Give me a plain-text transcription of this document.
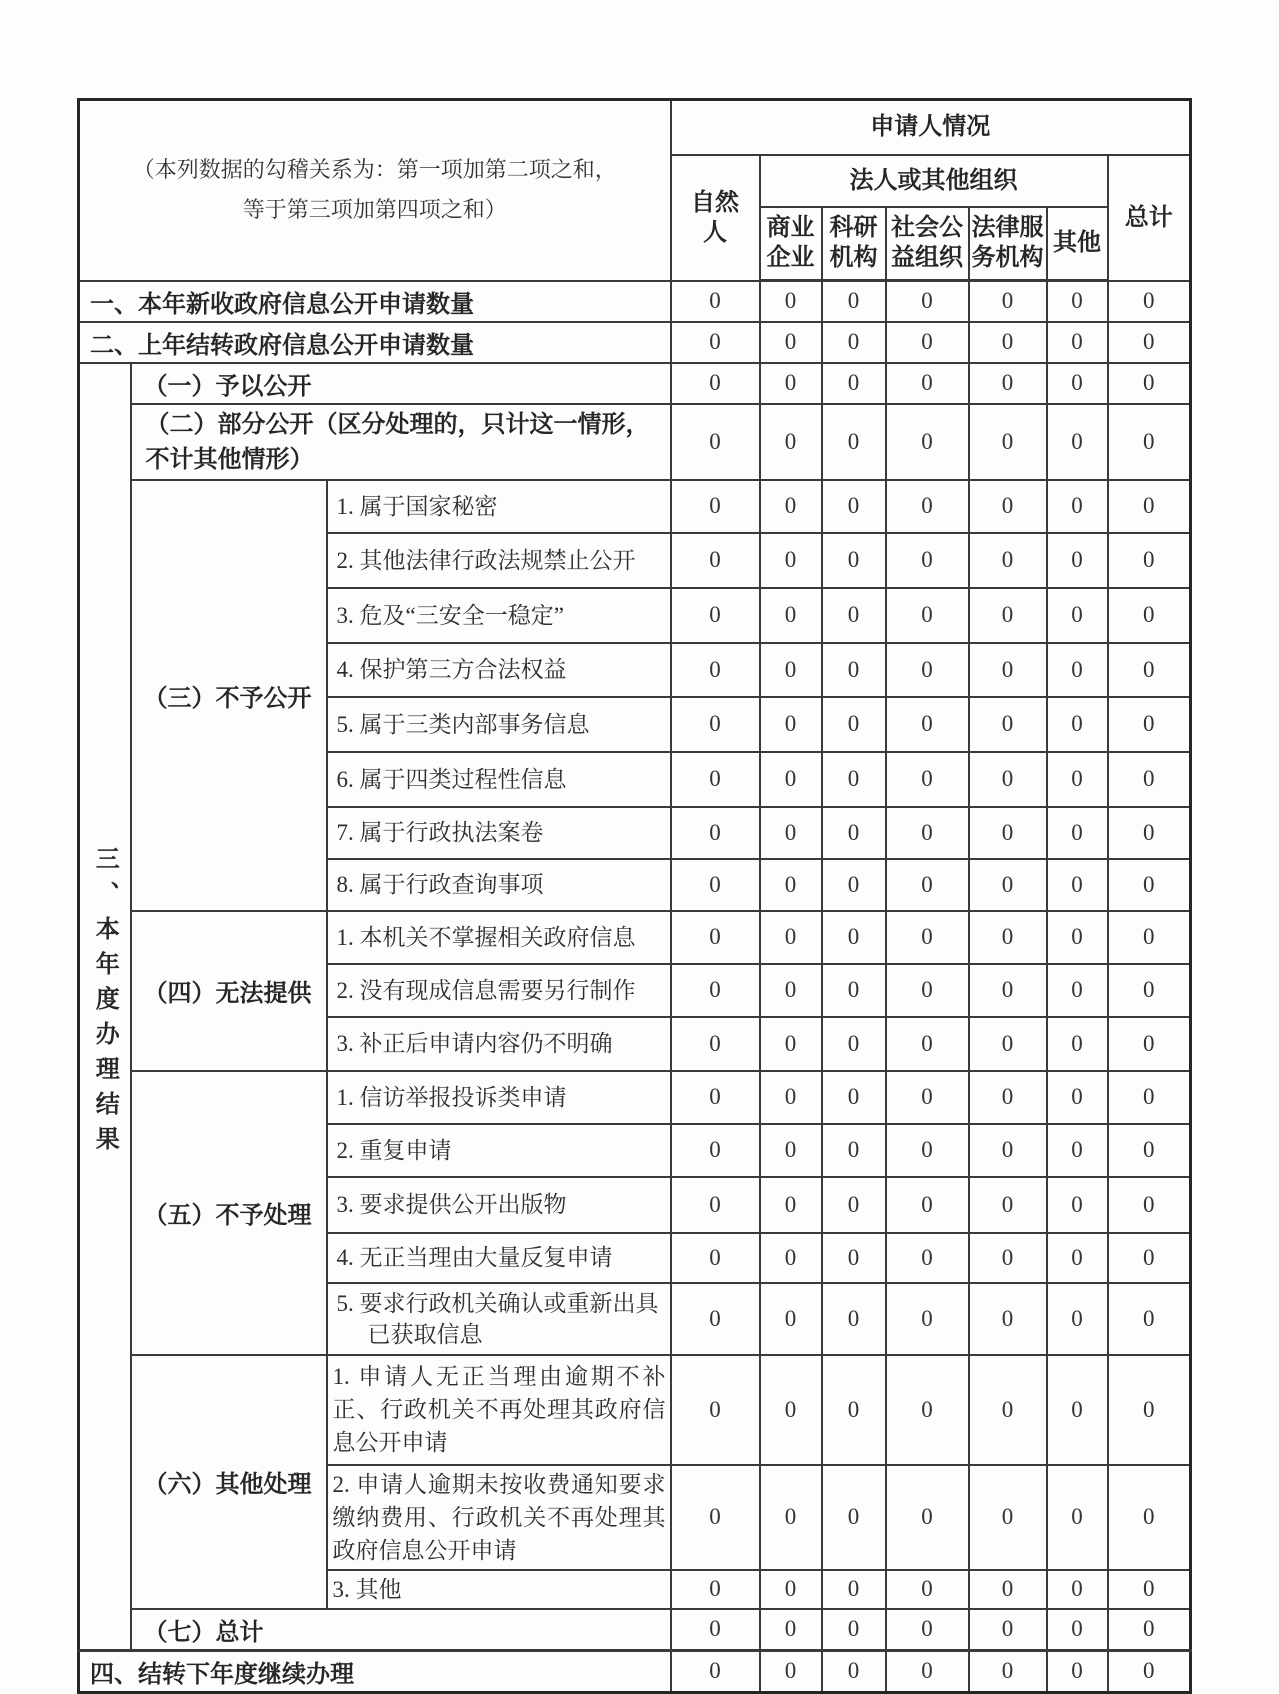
（本列数据的勾稽关系为：第一项加第二项之和，
等于第三项加第四项之和）			申请人情况						
			自然人	法人或其他组织					总计
				商业企业	科研机构	社会公益组织	法律服务机构	其他	
一、本年新收政府信息公开申请数量			0	0	0	0	0	0	0
二、上年结转政府信息公开申请数量			0	0	0	0	0	0	0
三、本年度办理结果	（一）予以公开		0	0	0	0	0	0	0
	（二）部分公开（区分处理的，只计这一情形，不计其他情形）		0	0	0	0	0	0	0
	（三）不予公开	1. 属于国家秘密	0	0	0	0	0	0	0
		2. 其他法律行政法规禁止公开	0	0	0	0	0	0	0
		3. 危及“三安全一稳定”	0	0	0	0	0	0	0
		4. 保护第三方合法权益	0	0	0	0	0	0	0
		5. 属于三类内部事务信息	0	0	0	0	0	0	0
		6. 属于四类过程性信息	0	0	0	0	0	0	0
		7. 属于行政执法案卷	0	0	0	0	0	0	0
		8. 属于行政查询事项	0	0	0	0	0	0	0
	（四）无法提供	1. 本机关不掌握相关政府信息	0	0	0	0	0	0	0
		2. 没有现成信息需要另行制作	0	0	0	0	0	0	0
		3. 补正后申请内容仍不明确	0	0	0	0	0	0	0
	（五）不予处理	1. 信访举报投诉类申请	0	0	0	0	0	0	0
		2. 重复申请	0	0	0	0	0	0	0
		3. 要求提供公开出版物	0	0	0	0	0	0	0
		4. 无正当理由大量反复申请	0	0	0	0	0	0	0
		5. 要求行政机关确认或重新出具已获取信息	0	0	0	0	0	0	0
	（六）其他处理	1. 申请人无正当理由逾期不补正、行政机关不再处理其政府信息公开申请	0	0	0	0	0	0	0
		2. 申请人逾期未按收费通知要求缴纳费用、行政机关不再处理其政府信息公开申请	0	0	0	0	0	0	0
		3. 其他	0	0	0	0	0	0	0
	（七）总计		0	0	0	0	0	0	0
四、结转下年度继续办理			0	0	0	0	0	0	0
